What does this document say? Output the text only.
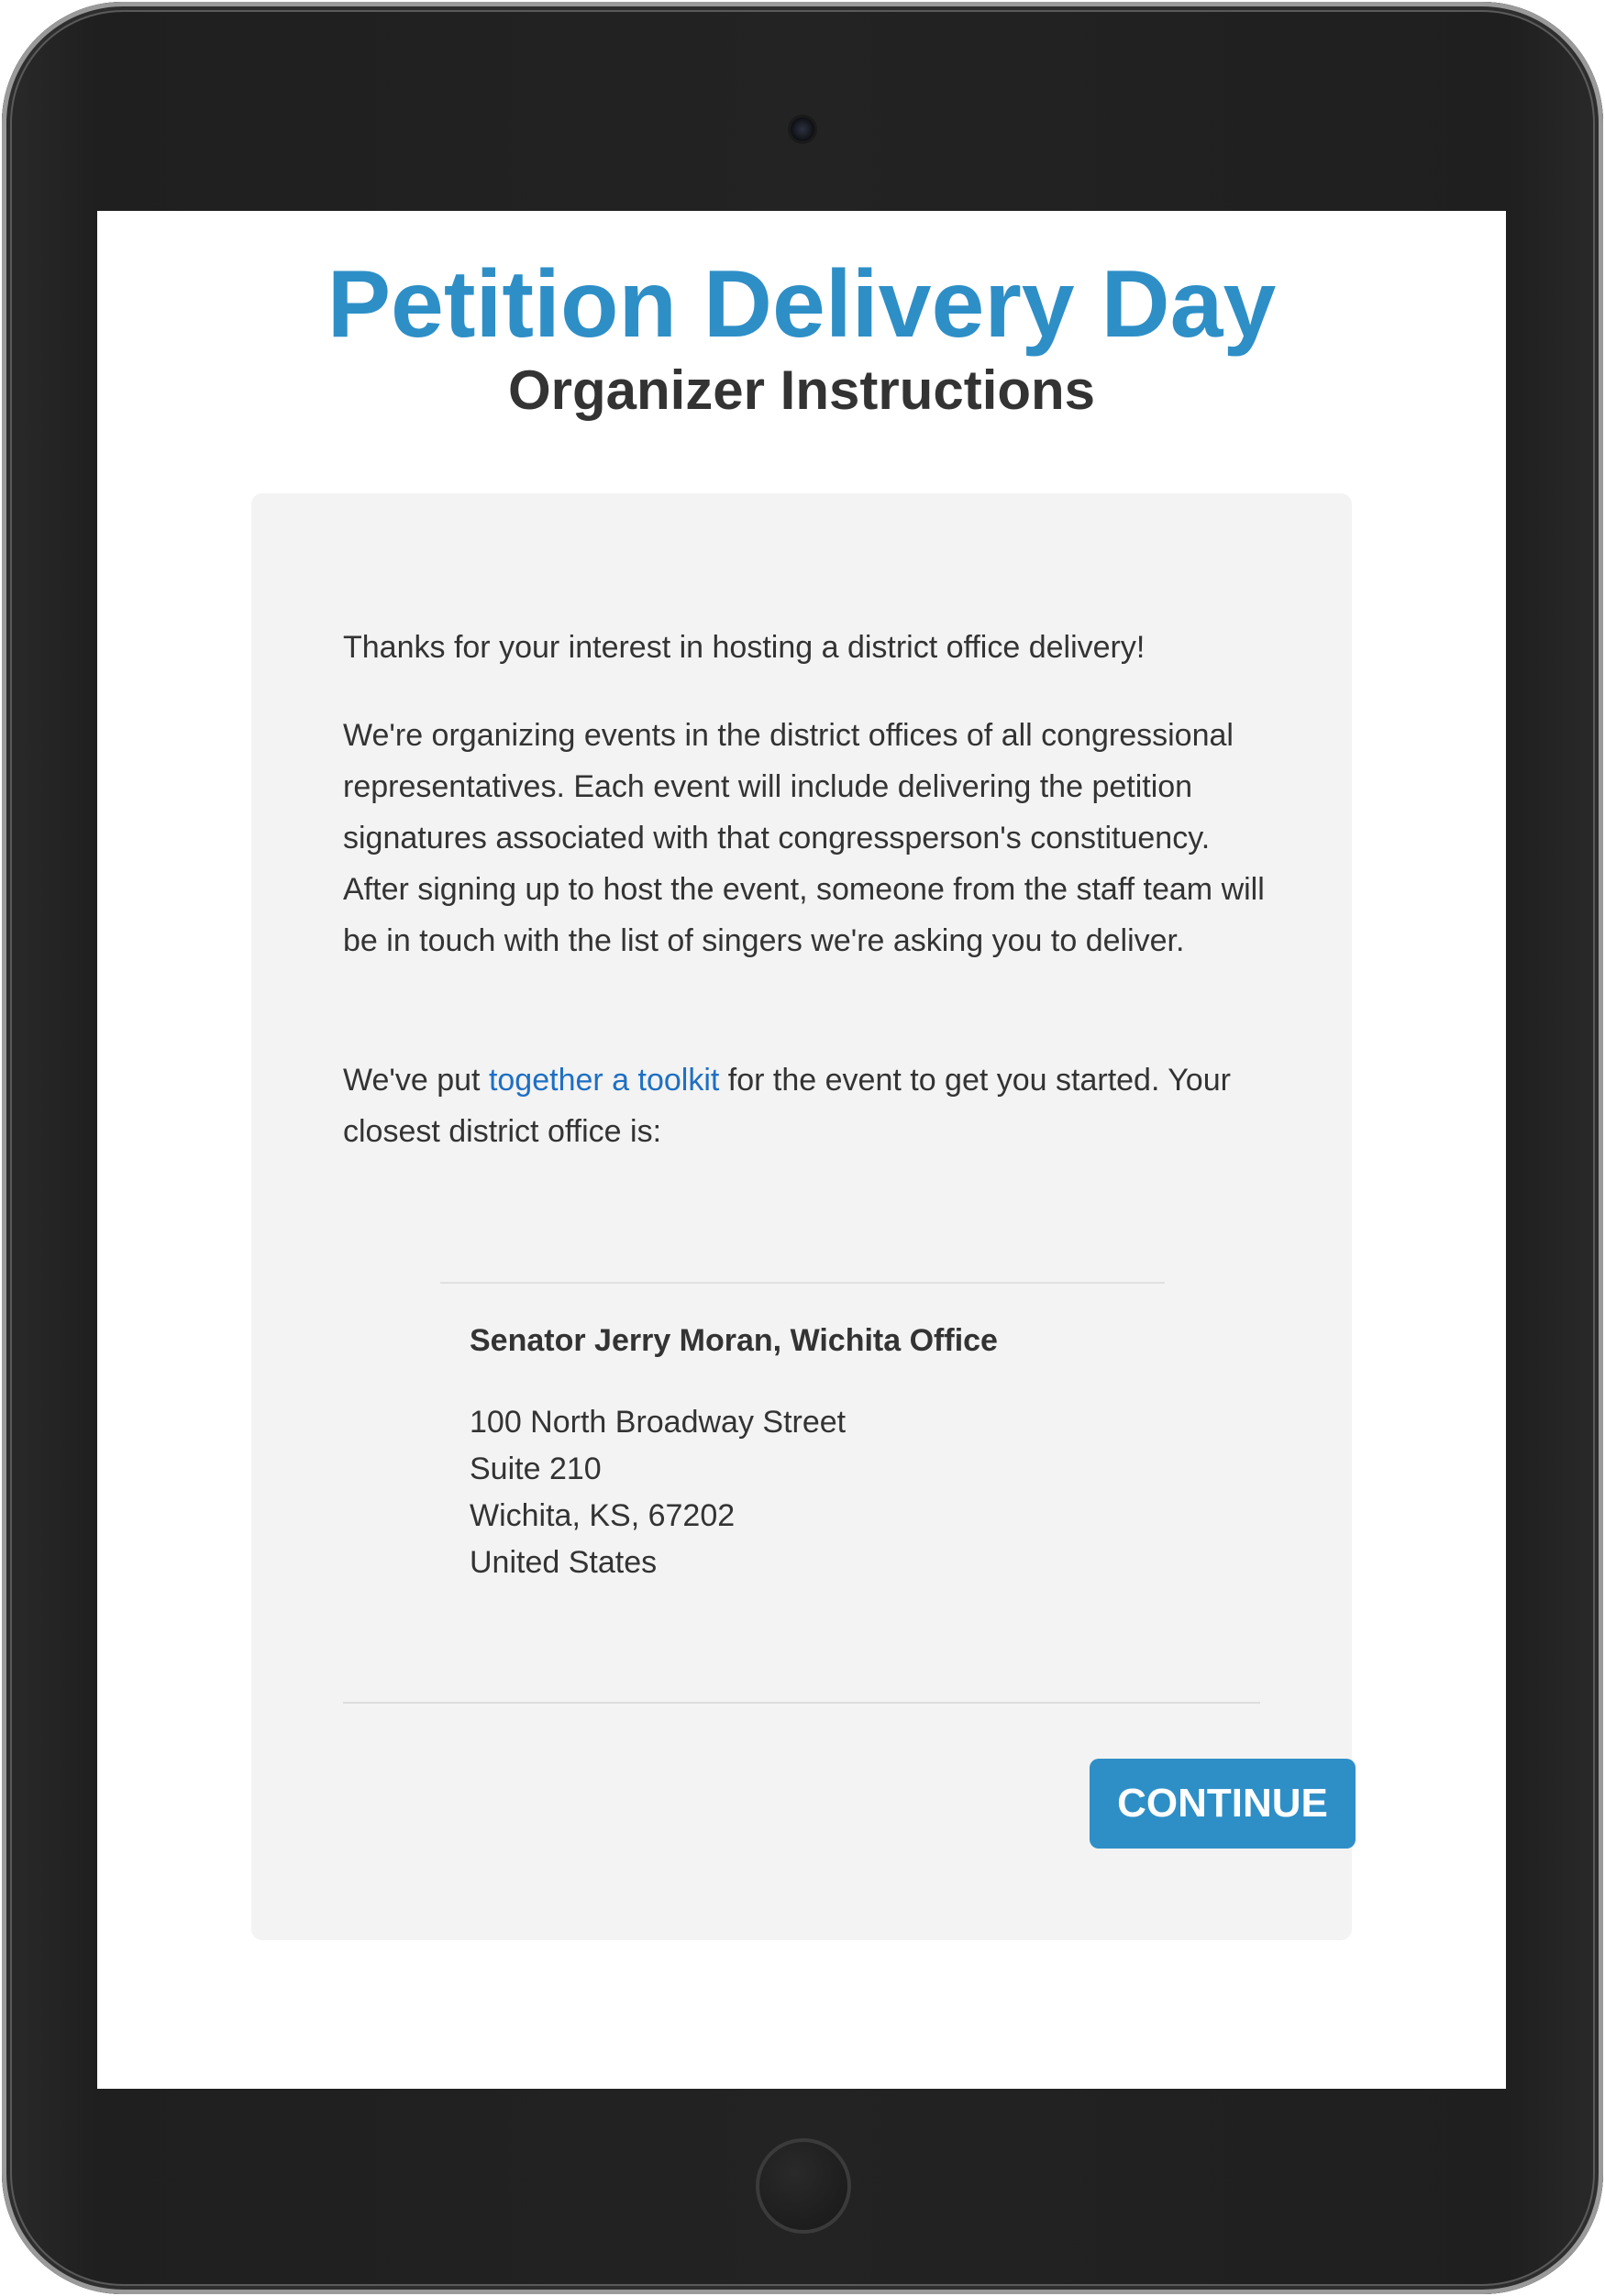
Petition Delivery Day
Organizer Instructions

Thanks for your interest in hosting a district office delivery!

We're organizing events in the district offices of all congressional representatives. Each event will include delivering the petition signatures associated with that congressperson's constituency. After signing up to host the event, someone from the staff team will be in touch with the list of singers we're asking you to deliver.

We've put together a toolkit for the event to get you started. Your closest district office is:

Senator Jerry Moran, Wichita Office

100 North Broadway Street
Suite 210
Wichita, KS, 67202
United States
CONTINUE
